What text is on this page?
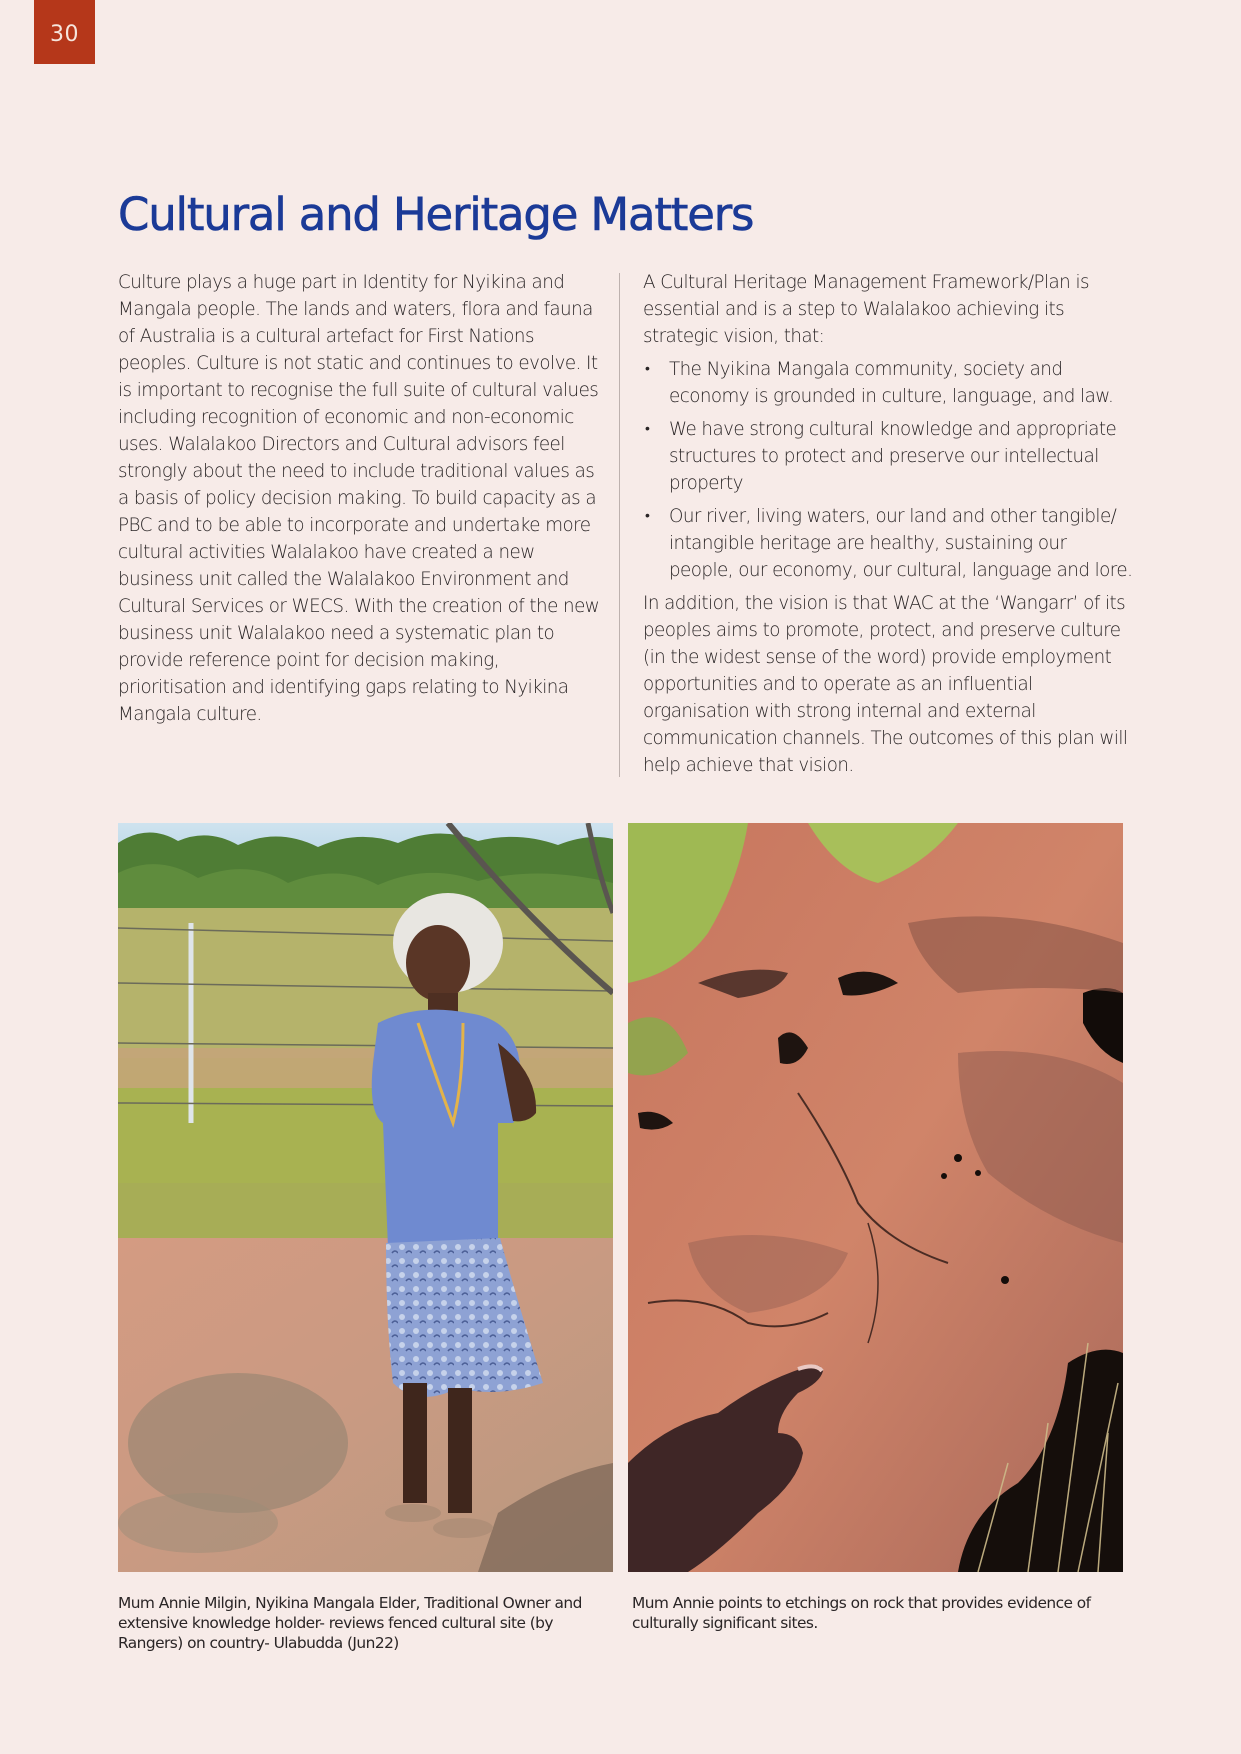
30
Cultural and Heritage Matters

Culture plays a huge part in Identity for Nyikina and Mangala people. The lands and waters, flora and fauna of Australia is a cultural artefact for First Nations peoples. Culture is not static and continues to evolve. It is important to recognise the full suite of cultural values including recognition of economic and non-economic uses. Walalakoo Directors and Cultural advisors feel strongly about the need to include traditional values as a basis of policy decision making. To build capacity as a PBC and to be able to incorporate and undertake more cultural activities Walalakoo have created a new business unit called the Walalakoo Environment and Cultural Services or WECS. With the creation of the new business unit Walalakoo need a systematic plan to provide reference point for decision making, prioritisation and identifying gaps relating to Nyikina Mangala culture.

A Cultural Heritage Management Framework/Plan is essential and is a step to Walalakoo achieving its strategic vision, that:

• The Nyikina Mangala community, society and economy is grounded in culture, language, and law.
• We have strong cultural knowledge and appropriate structures to protect and preserve our intellectual property
• Our river, living waters, our land and other tangible/ intangible heritage are healthy, sustaining our people, our economy, our cultural, language and lore.

In addition, the vision is that WAC at the ‘Wangarr’ of its peoples aims to promote, protect, and preserve culture (in the widest sense of the word) provide employment opportunities and to operate as an influential organisation with strong internal and external communication channels. The outcomes of this plan will help achieve that vision.

Mum Annie Milgin, Nyikina Mangala Elder, Traditional Owner and extensive knowledge holder- reviews fenced cultural site (by Rangers) on country- Ulabudda (Jun22)

Mum Annie points to etchings on rock that provides evidence of culturally significant sites.
